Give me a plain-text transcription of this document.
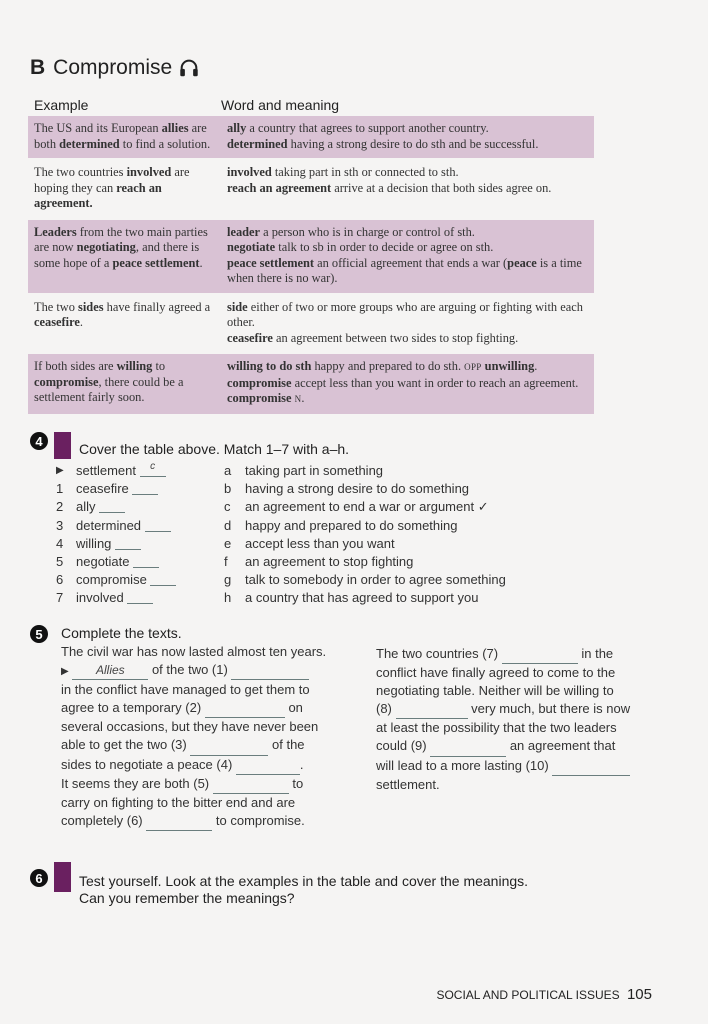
B Compromise
Example	Word and meaning
The US and its European allies are both determined to find a solution.	ally a country that agrees to support another country.
determined having a strong desire to do sth and be successful.

The two countries involved are hoping they can reach an agreement.	involved taking part in sth or connected to sth.
reach an agreement arrive at a decision that both sides agree on.

Leaders from the two main parties are now negotiating, and there is some hope of a peace settlement.	leader a person who is in charge or control of sth.
negotiate talk to sb in order to decide or agree on sth.
peace settlement an official agreement that ends a war (peace is a time when there is no war).

The two sides have finally agreed a ceasefire.	side either of two or more groups who are arguing or fighting with each other.
ceasefire an agreement between two sides to stop fighting.

If both sides are willing to compromise, there could be a settlement fairly soon.	willing to do sth happy and prepared to do sth. OPP unwilling.
compromise accept less than you want in order to reach an agreement. compromise N.
4	Cover the table above. Match 1–7 with a–h.
▶ settlement	c
1 ceasefire
2 ally
3 determined
4 willing
5 negotiate
6 compromise
7 involved
a	taking part in something
b	having a strong desire to do something
c	an agreement to end a war or argument ✓
d	happy and prepared to do something
e	accept less than you want
f	an agreement to stop fighting
g	talk to somebody in order to agree something
h	a country that has agreed to support you
5	Complete the texts.
The civil war has now lasted almost ten years.
▶ Allies of the two (1)
in the conflict have managed to get them to
agree to a temporary (2)	on
several occasions, but they have never been
able to get the two (3)	of the
sides to negotiate a peace (4)	.
It seems they are both (5)	to
carry on fighting to the bitter end and are
completely (6)	to compromise.
The two countries (7)	in the
conflict have finally agreed to come to the
negotiating table. Neither will be willing to
(8)	very much, but there is now
at least the possibility that the two leaders
could (9)	an agreement that
will lead to a more lasting (10)
settlement.
6	Test yourself. Look at the examples in the table and cover the meanings.
Can you remember the meanings?
SOCIAL AND POLITICAL ISSUES 105
